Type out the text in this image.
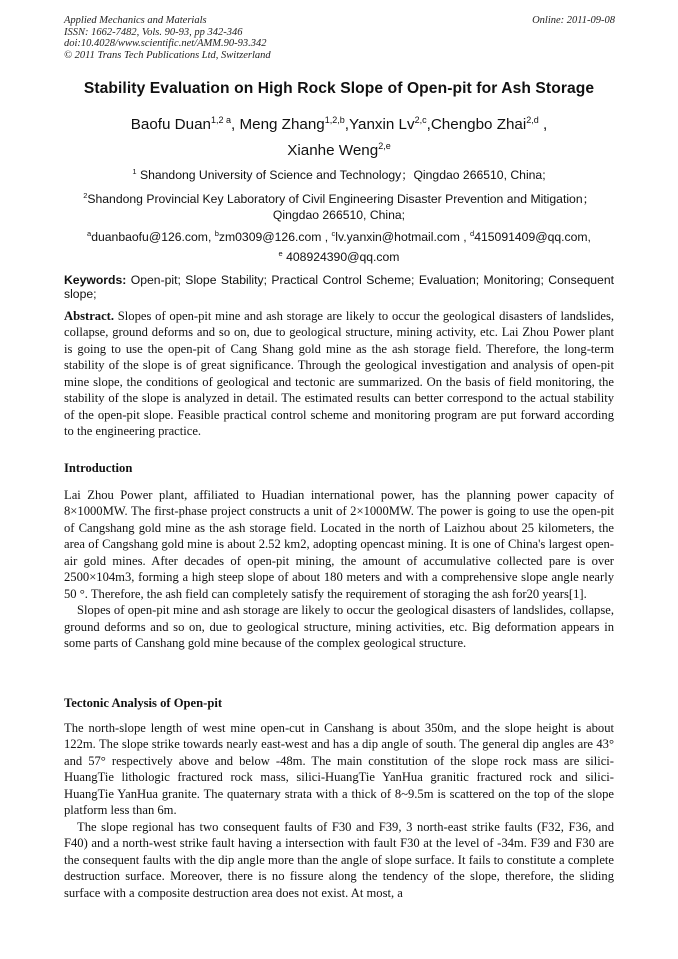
Applied Mechanics and Materials
ISSN: 1662-7482, Vols. 90-93, pp 342-346
doi:10.4028/www.scientific.net/AMM.90-93.342
© 2011 Trans Tech Publications Ltd, Switzerland
Online: 2011-09-08
Stability Evaluation on High Rock Slope of Open-pit for Ash Storage
Baofu Duan$^{1,2 a}$, Meng Zhang$^{1,2,b}$,Yanxin Lv$^{2,c}$,Chengbo Zhai$^{2,d}$ ,
Xianhe Weng$^{2,e}$
$^1$ Shandong University of Science and Technology；Qingdao 266510, China;
$^2$Shandong Provincial Key Laboratory of Civil Engineering Disaster Prevention and Mitigation；
Qingdao 266510, China;
$^a$duanbaofu@126.com, $^b$zm0309@126.com , $^c$lv.yanxin@hotmail.com , $^d$415091409@qq.com,
$^e$ 408924390@qq.com
Keywords: Open-pit; Slope Stability; Practical Control Scheme; Evaluation; Monitoring; Consequent slope;

Abstract. Slopes of open-pit mine and ash storage are likely to occur the geological disasters of landslides, collapse, ground deforms and so on, due to geological structure, mining activity, etc. Lai Zhou Power plant is going to use the open-pit of Cang Shang gold mine as the ash storage field. Therefore, the long-term stability of the slope is of great significance. Through the geological investigation and analysis of open-pit mine slope, the conditions of geological and tectonic are summarized. On the basis of field monitoring, the stability of the slope is analyzed in detail. The estimated results can better correspond to the actual stability of the open-pit slope. Feasible practical control scheme and monitoring program are put forward according to the engineering practice.

Introduction

Lai Zhou Power plant, affiliated to Huadian international power, has the planning power capacity of 8×1000MW. The first-phase project constructs a unit of 2×1000MW. The power is going to use the open-pit of Cangshang gold mine as the ash storage field. Located in the north of Laizhou about 25 kilometers, the area of Cangshang gold mine is about 2.52 km2, adopting opencast mining. It is one of China's largest open-air gold mines. After decades of open-pit mining, the amount of accumulative collected pare is over 2500×104m3, forming a high steep slope of about 180 meters and with a comprehensive slope angle nearly 50 °. Therefore, the ash field can completely satisfy the requirement of storaging the ash for20 years[1].

Slopes of open-pit mine and ash storage are likely to occur the geological disasters of landslides, collapse, ground deforms and so on, due to geological structure, mining activities, etc. Big deformation appears in some parts of Canshang gold mine because of the complex geological structure.

Tectonic Analysis of Open-pit

The north-slope length of west mine open-cut in Canshang is about 350m, and the slope height is about 122m. The slope strike towards nearly east-west and has a dip angle of south. The general dip angles are 43° and 57° respectively above and below -48m. The main constitution of the slope rock mass are silici-HuangTie lithologic fractured rock mass, silici-HuangTie YanHua granitic fractured rock and silici-HuangTie YanHua granite. The quaternary strata with a thick of 8~9.5m is scattered on the top of the slope platform less than 6m.

The slope regional has two consequent faults of F30 and F39, 3 north-east strike faults (F32, F36, and F40) and a north-west strike fault having a intersection with fault F30 at the level of -34m. F39 and F30 are the consequent faults with the dip angle more than the angle of slope surface. It fails to constitute a complete destruction surface. Moreover, there is no fissure along the tendency of the slope, therefore, the sliding surface with a composite destruction area does not exist. At most, a
